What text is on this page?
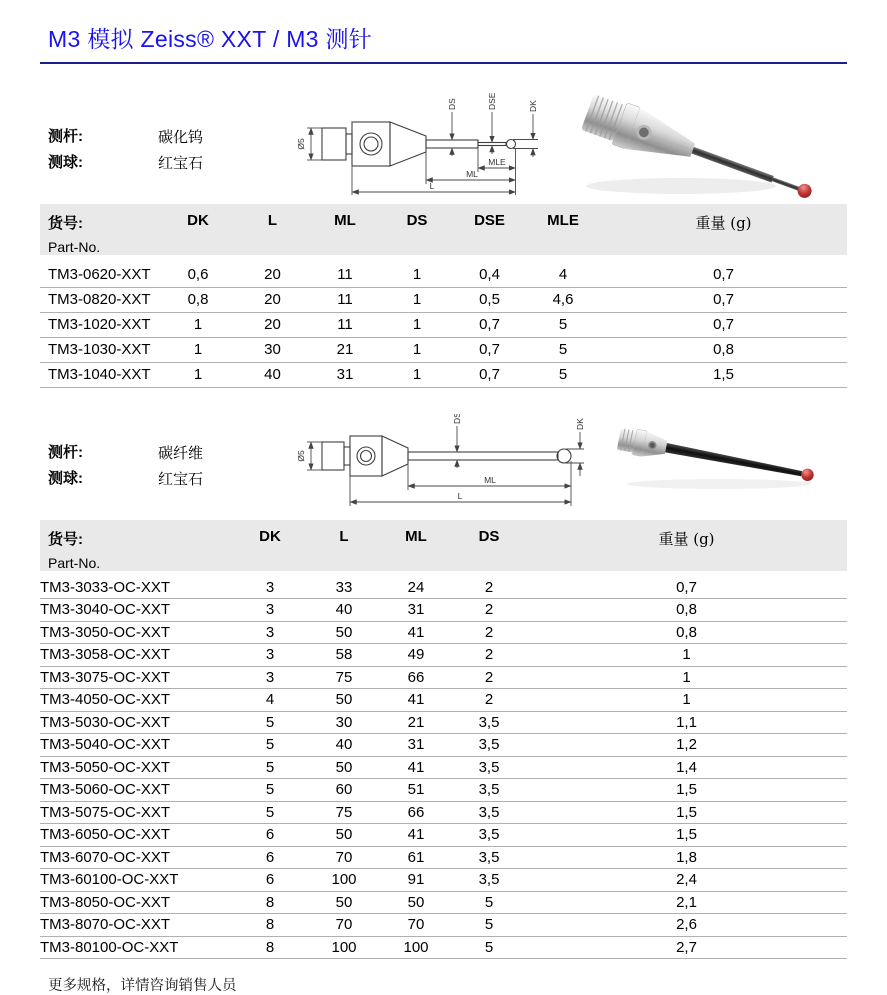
M3 模拟 Zeiss® XXT / M3 测针
测杆:	碳化钨
测球:	红宝石
Ø5
DS	DSE	DK
MLE
ML
L
货号:
Part-No.	DK	L	ML	DS	DSE	MLE	重量 (g)
TM3-0620-XXT	0,6	20	11	1	0,4	4	0,7
TM3-0820-XXT	0,8	20	11	1	0,5	4,6	0,7
TM3-1020-XXT	1	20	11	1	0,7	5	0,7
TM3-1030-XXT	1	30	21	1	0,7	5	0,8
TM3-1040-XXT	1	40	31	1	0,7	5	1,5
测杆:	碳纤维
测球:	红宝石
Ø5
DS
DK
ML
L
货号:
Part-No.	DK	L	ML	DS	重量 (g)
TM3-3033-OC-XXT	3	33	24	2	0,7
TM3-3040-OC-XXT	3	40	31	2	0,8
TM3-3050-OC-XXT	3	50	41	2	0,8
TM3-3058-OC-XXT	3	58	49	2	1
TM3-3075-OC-XXT	3	75	66	2	1
TM3-4050-OC-XXT	4	50	41	2	1
TM3-5030-OC-XXT	5	30	21	3,5	1,1
TM3-5040-OC-XXT	5	40	31	3,5	1,2
TM3-5050-OC-XXT	5	50	41	3,5	1,4
TM3-5060-OC-XXT	5	60	51	3,5	1,5
TM3-5075-OC-XXT	5	75	66	3,5	1,5
TM3-6050-OC-XXT	6	50	41	3,5	1,5
TM3-6070-OC-XXT	6	70	61	3,5	1,8
TM3-60100-OC-XXT	6	100	91	3,5	2,4
TM3-8050-OC-XXT	8	50	50	5	2,1
TM3-8070-OC-XXT	8	70	70	5	2,6
TM3-80100-OC-XXT	8	100	100	5	2,7
更多规格，详情咨询销售人员
